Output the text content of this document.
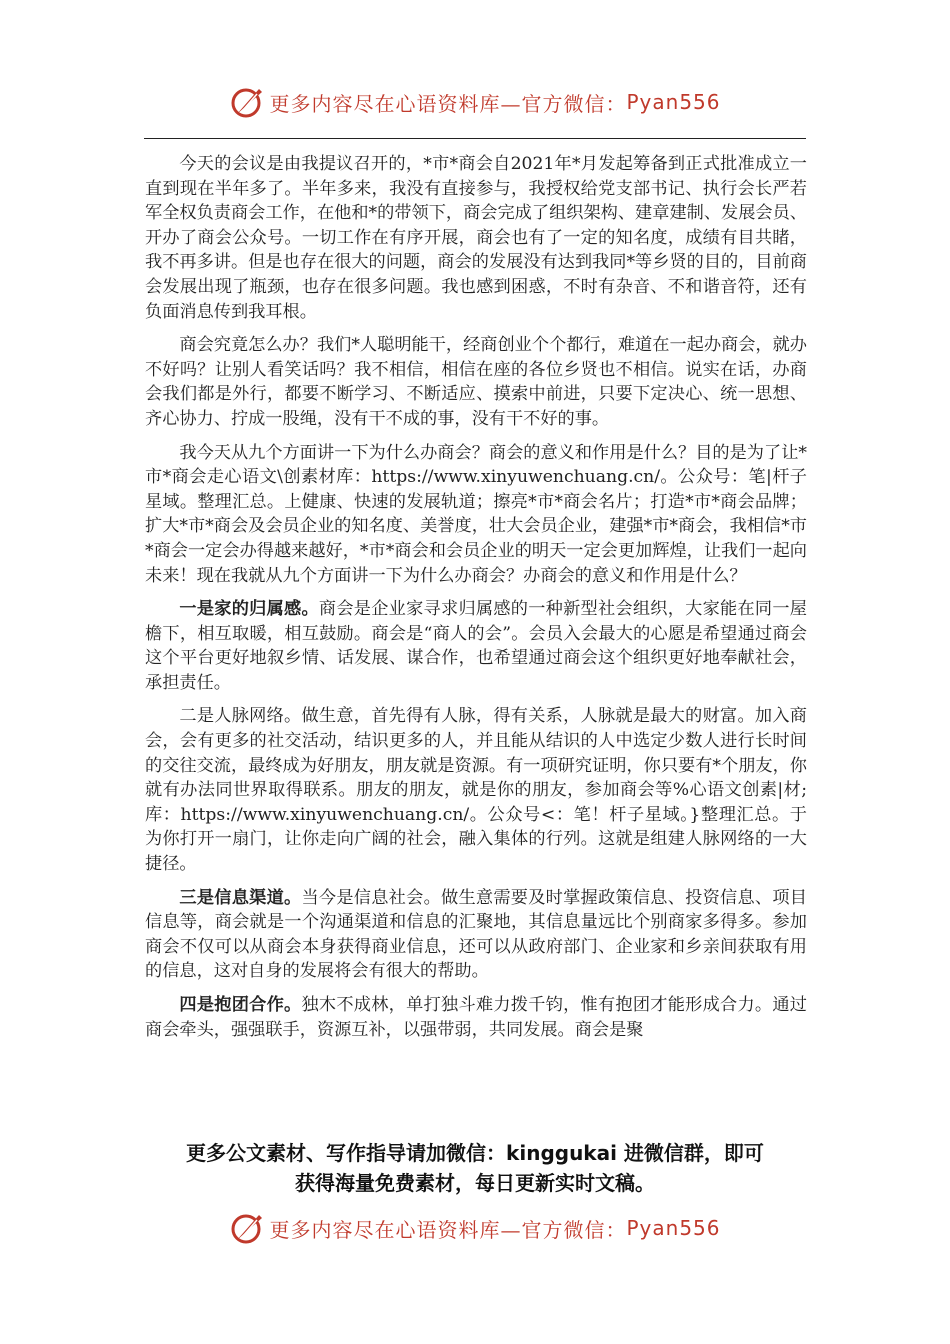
更多内容尽在心语资料库—官方微信： Pyan556

今天的会议是由我提议召开的，*市*商会自2021年*月发起筹备到正式批准成立一直到现在半年多了。半年多来，我没有直接参与，我授权给党支部书记、执行会长严若军全权负责商会工作，在他和*的带领下，商会完成了组织架构、建章建制、发展会员、开办了商会公众号。一切工作在有序开展，商会也有了一定的知名度，成绩有目共睹，我不再多讲。但是也存在很大的问题，商会的发展没有达到我同*等乡贤的目的，目前商会发展出现了瓶颈，也存在很多问题。我也感到困惑，不时有杂音、不和谐音符，还有负面消息传到我耳根。

商会究竟怎么办？我们*人聪明能干，经商创业个个都行，难道在一起办商会，就办不好吗？让别人看笑话吗？我不相信，相信在座的各位乡贤也不相信。说实在话，办商会我们都是外行，都要不断学习、不断适应、摸索中前进，只要下定决心、统一思想、齐心协力、拧成一股绳，没有干不成的事，没有干不好的事。

我今天从九个方面讲一下为什么办商会？商会的意义和作用是什么？目的是为了让*市*商会走心语文\创素材库：https://www.xinyuwenchuang.cn/。公众号：笔|杆子星域。整理汇总。上健康、快速的发展轨道；擦亮*市*商会名片；打造*市*商会品牌；扩大*市*商会及会员企业的知名度、美誉度，壮大会员企业，建强*市*商会，我相信*市*商会一定会办得越来越好，*市*商会和会员企业的明天一定会更加辉煌，让我们一起向未来！现在我就从九个方面讲一下为什么办商会？办商会的意义和作用是什么？

一是家的归属感。商会是企业家寻求归属感的一种新型社会组织，大家能在同一屋檐下，相互取暖，相互鼓励。商会是“商人的会”。会员入会最大的心愿是希望通过商会这个平台更好地叙乡情、话发展、谋合作，也希望通过商会这个组织更好地奉献社会，承担责任。

二是人脉网络。做生意，首先得有人脉，得有关系，人脉就是最大的财富。加入商会，会有更多的社交活动，结识更多的人，并且能从结识的人中选定少数人进行长时间的交往交流，最终成为好朋友，朋友就是资源。有一项研究证明，你只要有*个朋友，你就有办法同世界取得联系。朋友的朋友，就是你的朋友，参加商会等%心语文创素|材;库：https://www.xinyuwenchuang.cn/。公众号<：笔！杆子星域。}整理汇总。于为你打开一扇门，让你走向广阔的社会，融入集体的行列。这就是组建人脉网络的一大捷径。

三是信息渠道。当今是信息社会。做生意需要及时掌握政策信息、投资信息、项目信息等，商会就是一个沟通渠道和信息的汇聚地，其信息量远比个别商家多得多。参加商会不仅可以从商会本身获得商业信息，还可以从政府部门、企业家和乡亲间获取有用的信息，这对自身的发展将会有很大的帮助。

四是抱团合作。独木不成林，单打独斗难力拨千钧，惟有抱团才能形成合力。通过商会牵头，强强联手，资源互补，以强带弱，共同发展。商会是聚

更多公文素材、写作指导请加微信：kinggukai 进微信群，即可
获得海量免费素材，每日更新实时文稿。
更多内容尽在心语资料库—官方微信： Pyan556
